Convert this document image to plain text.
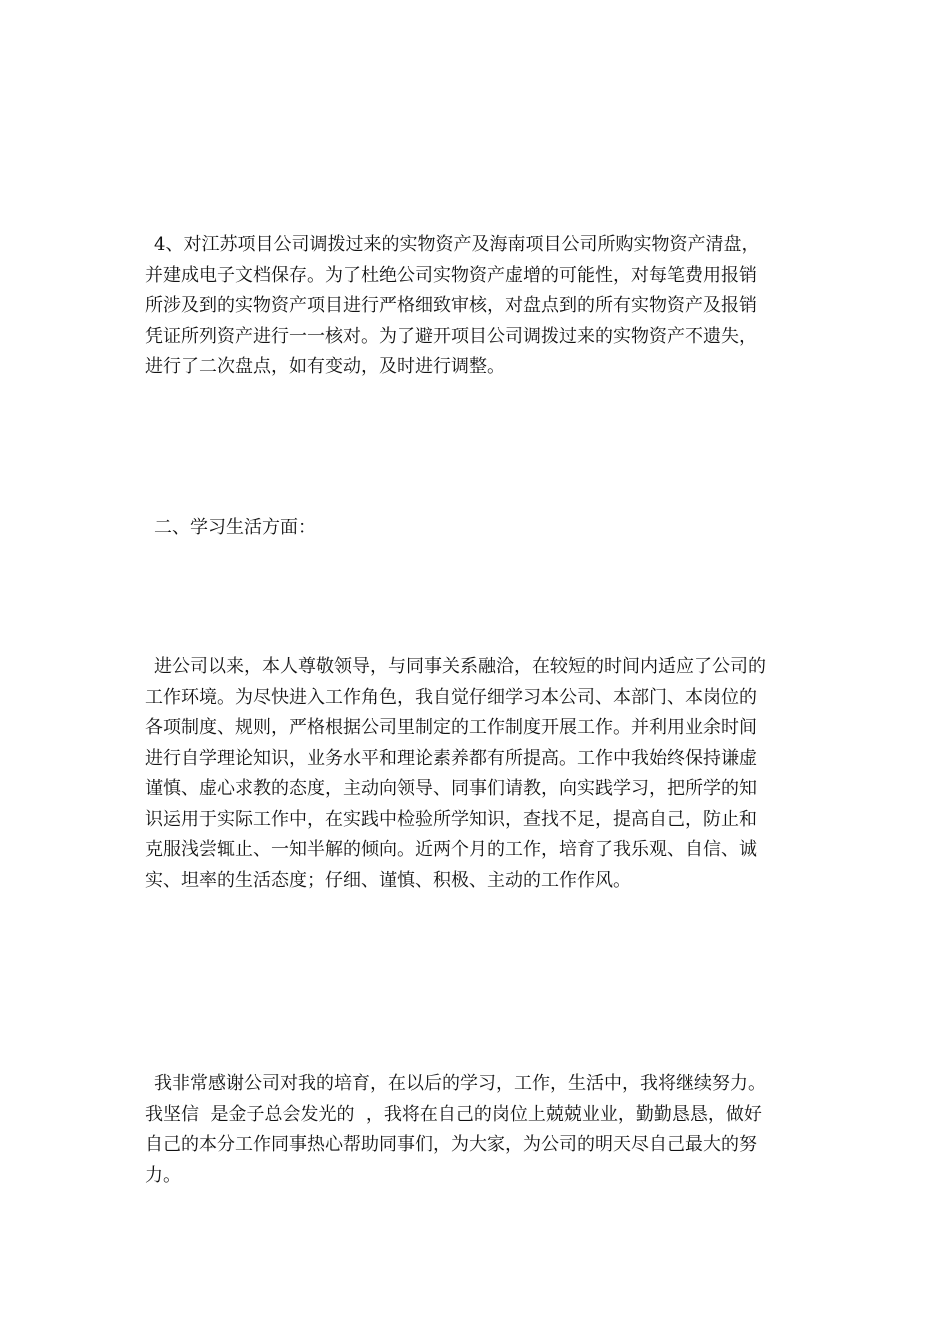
4、对江苏项目公司调拨过来的实物资产及海南项目公司所购实物资产清盘，
并建成电子文档保存。为了杜绝公司实物资产虚增的可能性，对每笔费用报销
所涉及到的实物资产项目进行严格细致审核，对盘点到的所有实物资产及报销
凭证所列资产进行一一核对。为了避开项目公司调拨过来的实物资产不遗失，
进行了二次盘点，如有变动，及时进行调整。
二、学习生活方面：
进公司以来，本人尊敬领导，与同事关系融洽，在较短的时间内适应了公司的
工作环境。为尽快进入工作角色，我自觉仔细学习本公司、本部门、本岗位的
各项制度、规则，严格根据公司里制定的工作制度开展工作。并利用业余时间
进行自学理论知识，业务水平和理论素养都有所提高。工作中我始终保持谦虚
谨慎、虚心求教的态度，主动向领导、同事们请教，向实践学习，把所学的知
识运用于实际工作中，在实践中检验所学知识，查找不足，提高自己，防止和
克服浅尝辄止、一知半解的倾向。近两个月的工作，培育了我乐观、自信、诚
实、坦率的生活态度；仔细、谨慎、积极、主动的工作作风。
我非常感谢公司对我的培育，在以后的学习，工作，生活中，我将继续努力。
我坚信  是金子总会发光的  ，我将在自己的岗位上兢兢业业，勤勤恳恳，做好
自己的本分工作同事热心帮助同事们，为大家，为公司的明天尽自己最大的努
力。
